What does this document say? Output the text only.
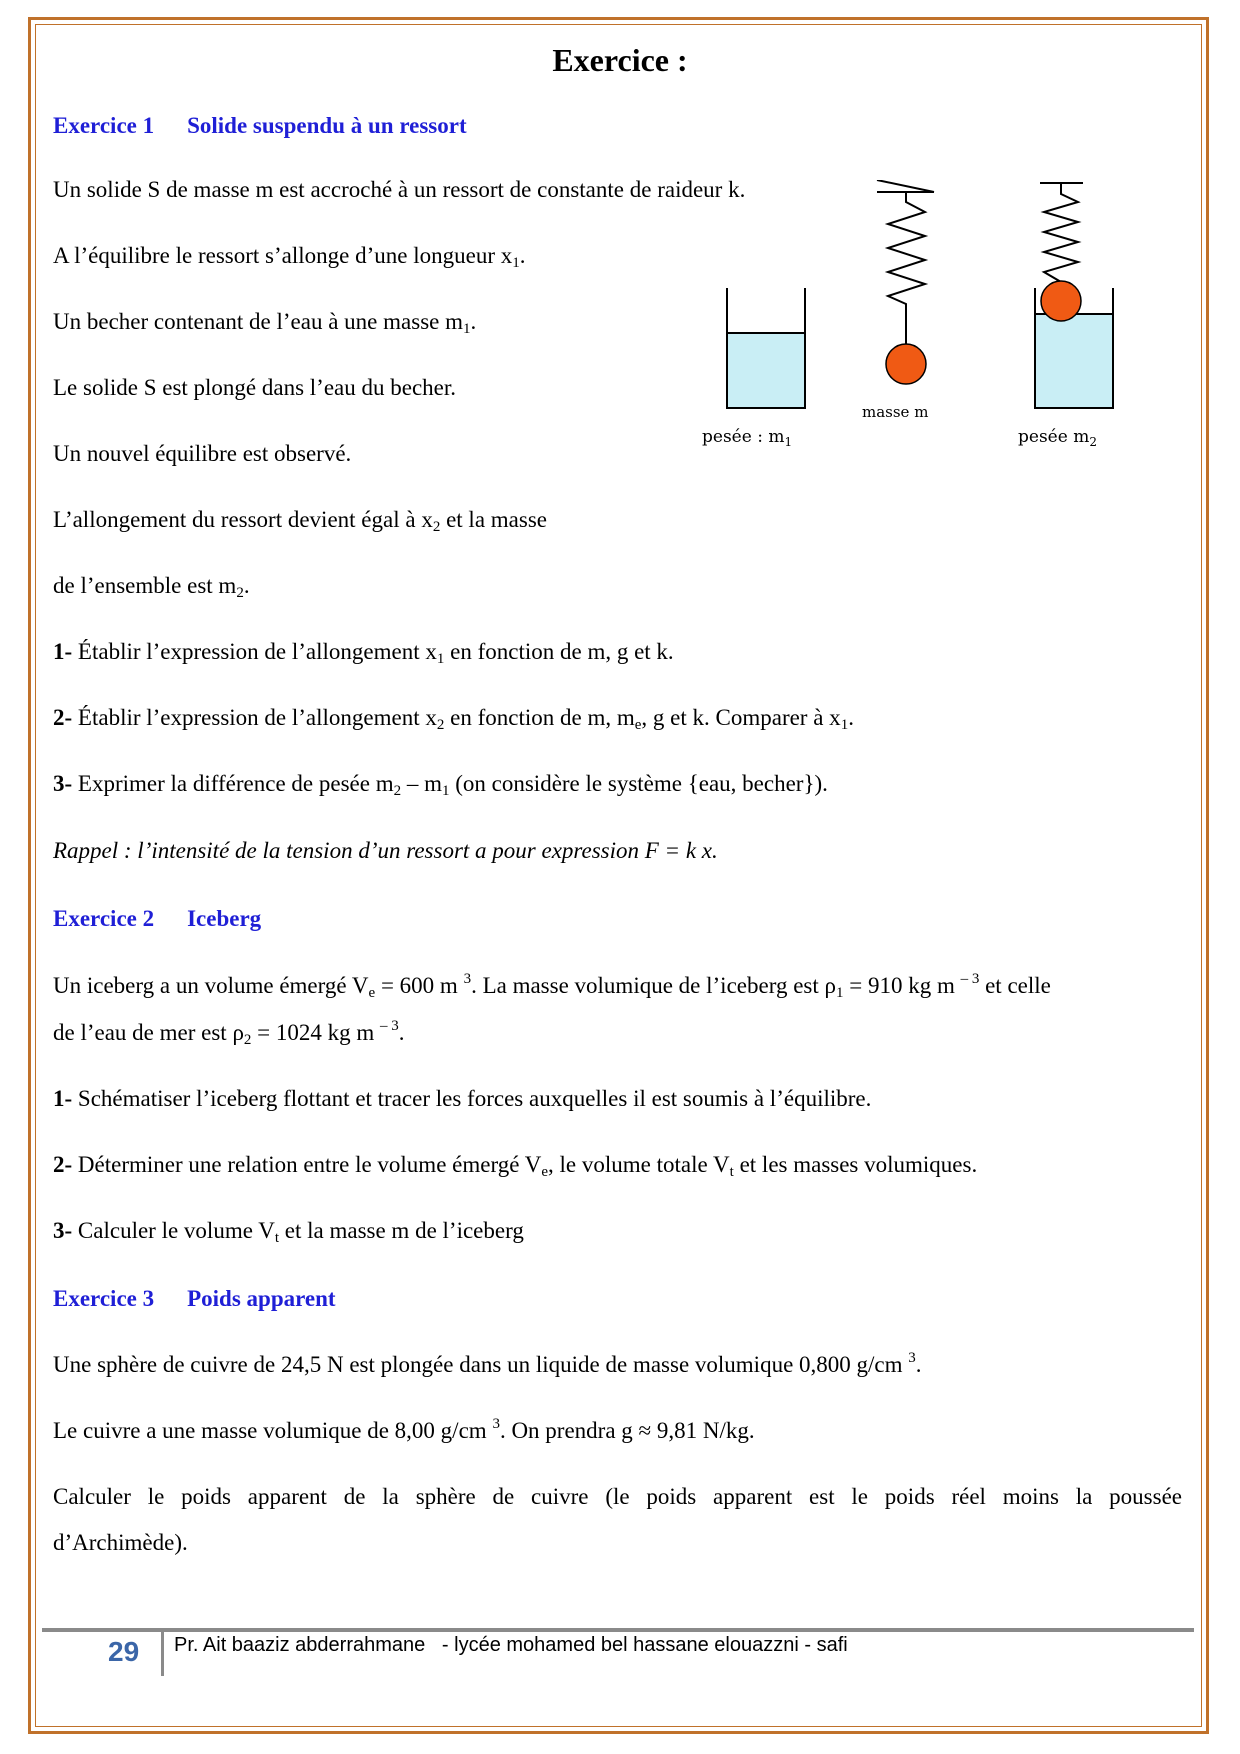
Exercice :
Exercice 1 Solide suspendu à un ressort
Un solide S de masse m est accroché à un ressort de constante de raideur k.
A l’équilibre le ressort s’allonge d’une longueur $x_1$.
Un becher contenant de l’eau à une masse $m_1$.
Le solide S est plongé dans l’eau du becher.
Un nouvel équilibre est observé.
L’allongement du ressort devient égal à $x_2$ et la masse
de l’ensemble est $m_2$.
1- Établir l’expression de l’allongement $x_1$ en fonction de m, g et k.
2- Établir l’expression de l’allongement $x_2$ en fonction de m, $m_e$, g et k. Comparer à $x_1$.
3- Exprimer la différence de pesée $m_2 - m_1$ (on considère le système {eau, becher}).
Rappel : l’intensité de la tension d’un ressort a pour expression F = k x.
pesée : $m_1$
masse m
pesée $m_2$
Exercice 2 Iceberg
Un iceberg a un volume émergé $V_e = 600$ m $^3$. La masse volumique de l’iceberg est $\rho_1 = 910$ kg m $^{- 3}$ et celle
de l’eau de mer est $\rho_2 = 1024$ kg m $^{- 3}$.
1- Schématiser l’iceberg flottant et tracer les forces auxquelles il est soumis à l’équilibre.
2- Déterminer une relation entre le volume émergé $V_e$, le volume totale $V_t$ et les masses volumiques.
3- Calculer le volume $V_t$ et la masse m de l’iceberg
Exercice 3 Poids apparent
Une sphère de cuivre de 24,5 N est plongée dans un liquide de masse volumique 0,800 g/cm $^3$.
Le cuivre a une masse volumique de 8,00 g/cm $^3$. On prendra g ≈ 9,81 N/kg.
Calculer le poids apparent de la sphère de cuivre (le poids apparent est le poids réel moins la poussée
d’Archimède).
29 Pr. Ait baaziz abderrahmane   - lycée mohamed bel hassane elouazzni - safi
